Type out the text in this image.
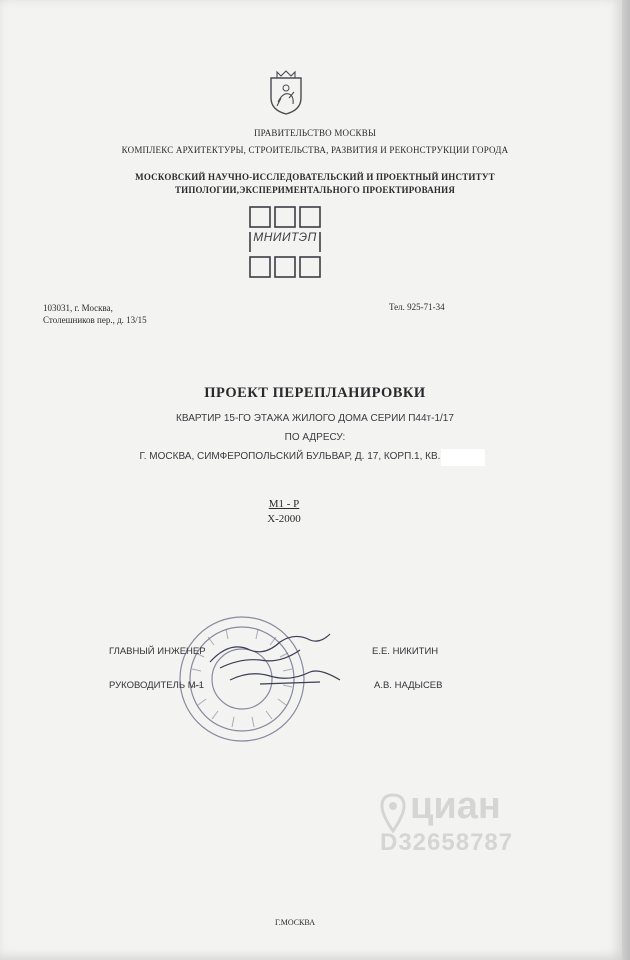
ПРАВИТЕЛЬСТВО МОСКВЫ
КОМПЛЕКС АРХИТЕКТУРЫ, СТРОИТЕЛЬСТВА, РАЗВИТИЯ И РЕКОНСТРУКЦИИ ГОРОДА
МОСКОВСКИЙ НАУЧНО-ИССЛЕДОВАТЕЛЬСКИЙ И ПРОЕКТНЫЙ ИНСТИТУТ
ТИПОЛОГИИ,ЭКСПЕРИМЕНТАЛЬНОГО ПРОЕКТИРОВАНИЯ
МНИИТЭП
103031, г. Москва,
Столешников пер., д. 13/15
Тел. 925-71-34
ПРОЕКТ ПЕРЕПЛАНИРОВКИ
КВАРТИР 15-ГО ЭТАЖА ЖИЛОГО ДОМА СЕРИИ П44т-1/17
ПО АДРЕСУ:
Г. МОСКВА, СИМФЕРОПОЛЬСКИЙ БУЛЬВАР, Д. 17, КОРП.1, КВ.
М1 - Р
Х-2000
ГЛАВНЫЙ ИНЖЕНЕР	Е.Е. НИКИТИН
РУКОВОДИТЕЛЬ М-1	А.В. НАДЫСЕВ
циан
D32658787
Г.МОСКВА
